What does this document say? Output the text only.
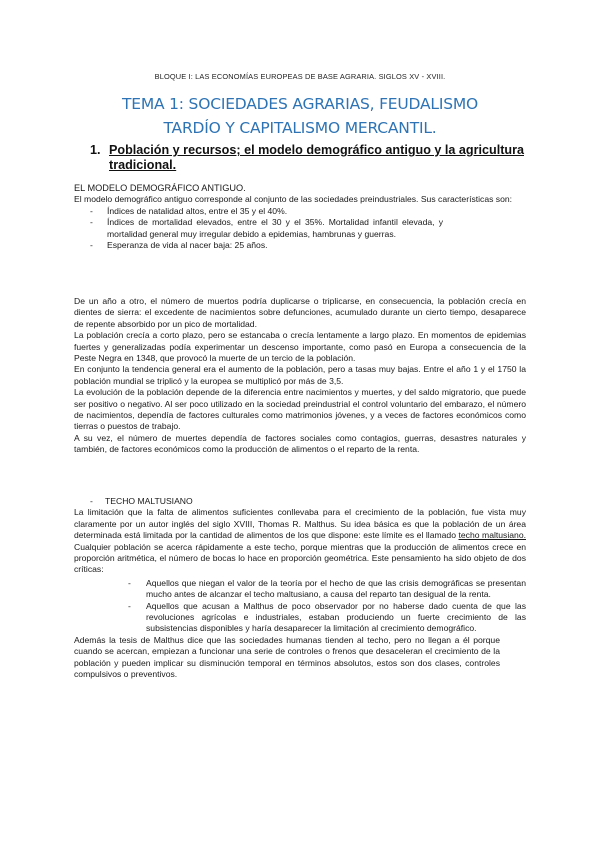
BLOQUE I: LAS ECONOMÍAS EUROPEAS DE BASE AGRARIA. SIGLOS XV - XVIII.
TEMA 1: SOCIEDADES AGRARIAS, FEUDALISMO
TARDÍO Y CAPITALISMO MERCANTIL.
1. Población y recursos; el modelo demográfico antiguo y la agricultura tradicional.

EL MODELO DEMOGRÁFICO ANTIGUO.

El modelo demográfico antiguo corresponde al conjunto de las sociedades preindustriales. Sus características son:

- Índices de natalidad altos, entre el 35 y el 40%.
- Índices de mortalidad elevados, entre el 30 y el 35%. Mortalidad infantil elevada, y mortalidad general muy irregular debido a epidemias, hambrunas y guerras.
- Esperanza de vida al nacer baja: 25 años.

De un año a otro, el número de muertos podría duplicarse o triplicarse, en consecuencia, la población crecía en dientes de sierra: el excedente de nacimientos sobre defunciones, acumulado durante un cierto tiempo, desaparece de repente absorbido por un pico de mortalidad.

La población crecía a corto plazo, pero se estancaba o crecía lentamente a largo plazo. En momentos de epidemias fuertes y generalizadas podía experimentar un descenso importante, como pasó en Europa a consecuencia de la Peste Negra en 1348, que provocó la muerte de un tercio de la población.

En conjunto la tendencia general era el aumento de la población, pero a tasas muy bajas. Entre el año 1 y el 1750 la población mundial se triplicó y la europea se multiplicó por más de 3,5.

La evolución de la población depende de la diferencia entre nacimientos y muertes, y del saldo migratorio, que puede ser positivo o negativo. Al ser poco utilizado en la sociedad preindustrial el control voluntario del embarazo, el número de nacimientos, dependía de factores culturales como matrimonios jóvenes, y a veces de factores económicos como tierras o puestos de trabajo.

A su vez, el número de muertes dependía de factores sociales como contagios, guerras, desastres naturales y también, de factores económicos como la producción de alimentos o el reparto de la renta.

- TECHO MALTUSIANO

La limitación que la falta de alimentos suficientes conllevaba para el crecimiento de la población, fue vista muy claramente por un autor inglés del siglo XVIII, Thomas R. Malthus. Su idea básica es que la población de un área determinada está limitada por la cantidad de alimentos de los que dispone: este límite es el llamado techo maltusiano. Cualquier población se acerca rápidamente a este techo, porque mientras que la producción de alimentos crece en proporción aritmética, el número de bocas lo hace en proporción geométrica. Este pensamiento ha sido objeto de dos críticas:

- Aquellos que niegan el valor de la teoría por el hecho de que las crisis demográficas se presentan mucho antes de alcanzar el techo maltusiano, a causa del reparto tan desigual de la renta.
- Aquellos que acusan a Malthus de poco observador por no haberse dado cuenta de que las revoluciones agrícolas e industriales, estaban produciendo un fuerte crecimiento de las subsistencias disponibles y haría desaparecer la limitación al crecimiento demográfico.

Además la tesis de Malthus dice que las sociedades humanas tienden al techo, pero no llegan a él porque cuando se acercan, empiezan a funcionar una serie de controles o frenos que desaceleran el crecimiento de la población y pueden implicar su disminución temporal en términos absolutos, estos son dos clases, controles compulsivos o preventivos.
